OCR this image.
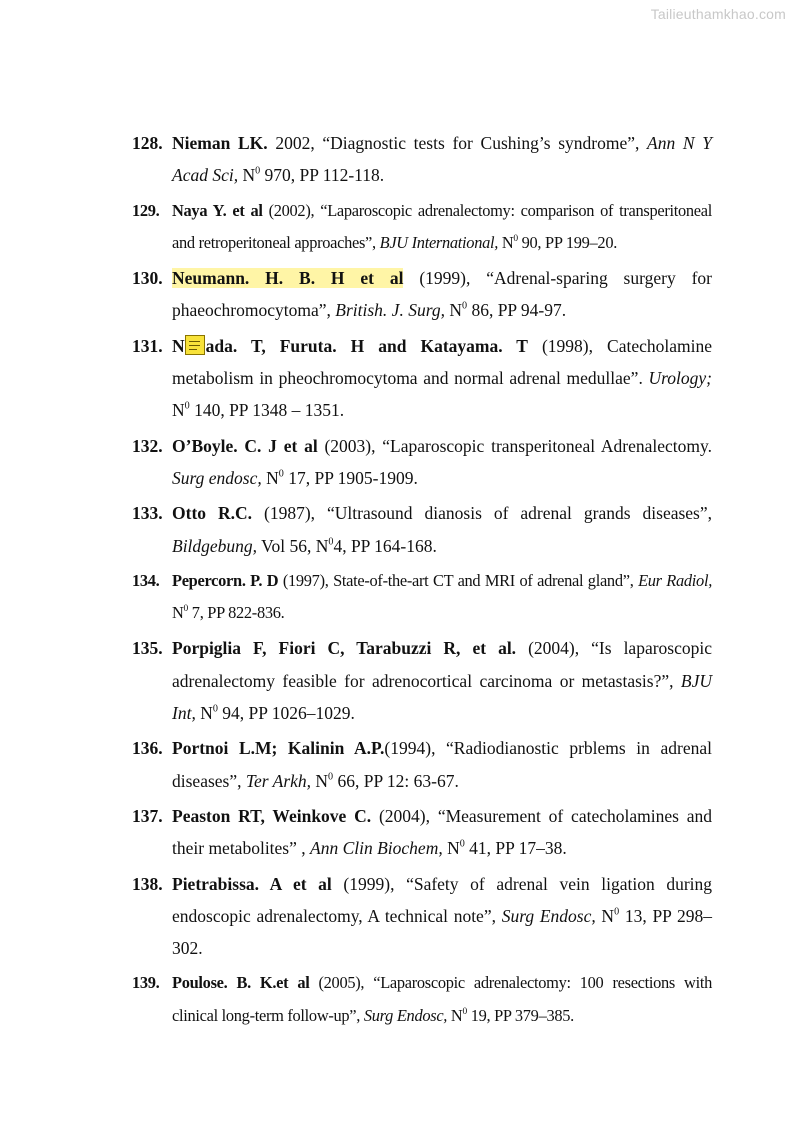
Tailieuthamkhao.com
128. Nieman LK. 2002, “Diagnostic tests for Cushing’s syndrome”, Ann N Y Acad Sci, $N^0$ 970, PP 112-118.
129. Naya Y. et al (2002), “Laparoscopic adrenalectomy: comparison of transperitoneal and retroperitoneal approaches”, BJU International, $N^0$ 90, PP 199–20.
130. Neumann. H. B. H et al (1999), “Adrenal-sparing surgery for phaeochromocytoma”, British. J. Surg, $N^0$ 86, PP 94-97.
131. N ada. T, Furuta. H and Katayama. T (1998), Catecholamine metabolism in pheochromocytoma and normal adrenal medullae”. Urology; $N^0$ 140, PP 1348 – 1351.
132. O’Boyle. C. J et al (2003), “Laparoscopic transperitoneal Adrenalectomy. Surg endosc, $N^0$ 17, PP 1905-1909.
133. Otto R.C. (1987), “Ultrasound dianosis of adrenal grands diseases”, Bildgebung, Vol 56, $N^04$, PP 164-168.
134. Pepercorn. P. D (1997), State-of-the-art CT and MRI of adrenal gland”, Eur Radiol, $N^0$ 7, PP 822-836.
135. Porpiglia F, Fiori C, Tarabuzzi R, et al. (2004), “Is laparoscopic adrenalectomy feasible for adrenocortical carcinoma or metastasis?”, BJU Int, $N^0$ 94, PP 1026–1029.
136. Portnoi L.M; Kalinin A.P.(1994), “Radiodianostic prblems in adrenal diseases”, Ter Arkh, $N^0$ 66, PP 12: 63-67.
137. Peaston RT, Weinkove C. (2004), “Measurement of catecholamines and their metabolites” , Ann Clin Biochem, $N^0$ 41, PP 17–38.
138. Pietrabissa. A et al (1999), “Safety of adrenal vein ligation during endoscopic adrenalectomy, A technical note”, Surg Endosc, $N^0$ 13, PP 298–302.
139. Poulose. B. K.et al (2005), “Laparoscopic adrenalectomy: 100 resections with clinical long-term follow-up”, Surg Endosc, $N^0$ 19, PP 379–385.
